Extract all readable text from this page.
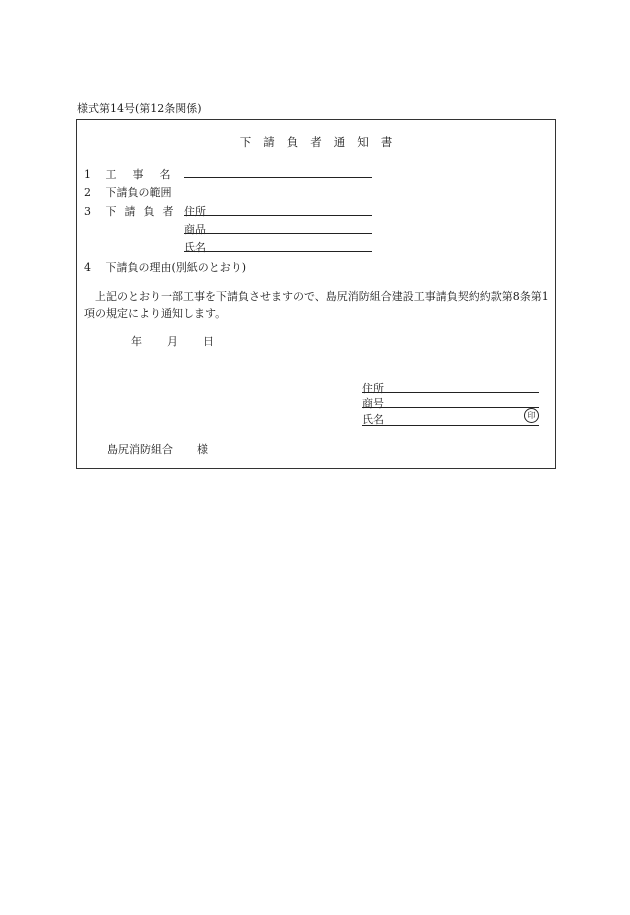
様式第14号(第12条関係)
下請負者通知書
1 工事名
2 下請負の範囲
3 下請負者 住所
商品
氏名
4 下請負の理由(別紙のとおり)
上記のとおり一部工事を下請負させますので、島尻消防組合建設工事請負契約約款第8条第1項の規定により通知します。
年 月 日
住所
商号
氏名	印
島尻消防組合 様
